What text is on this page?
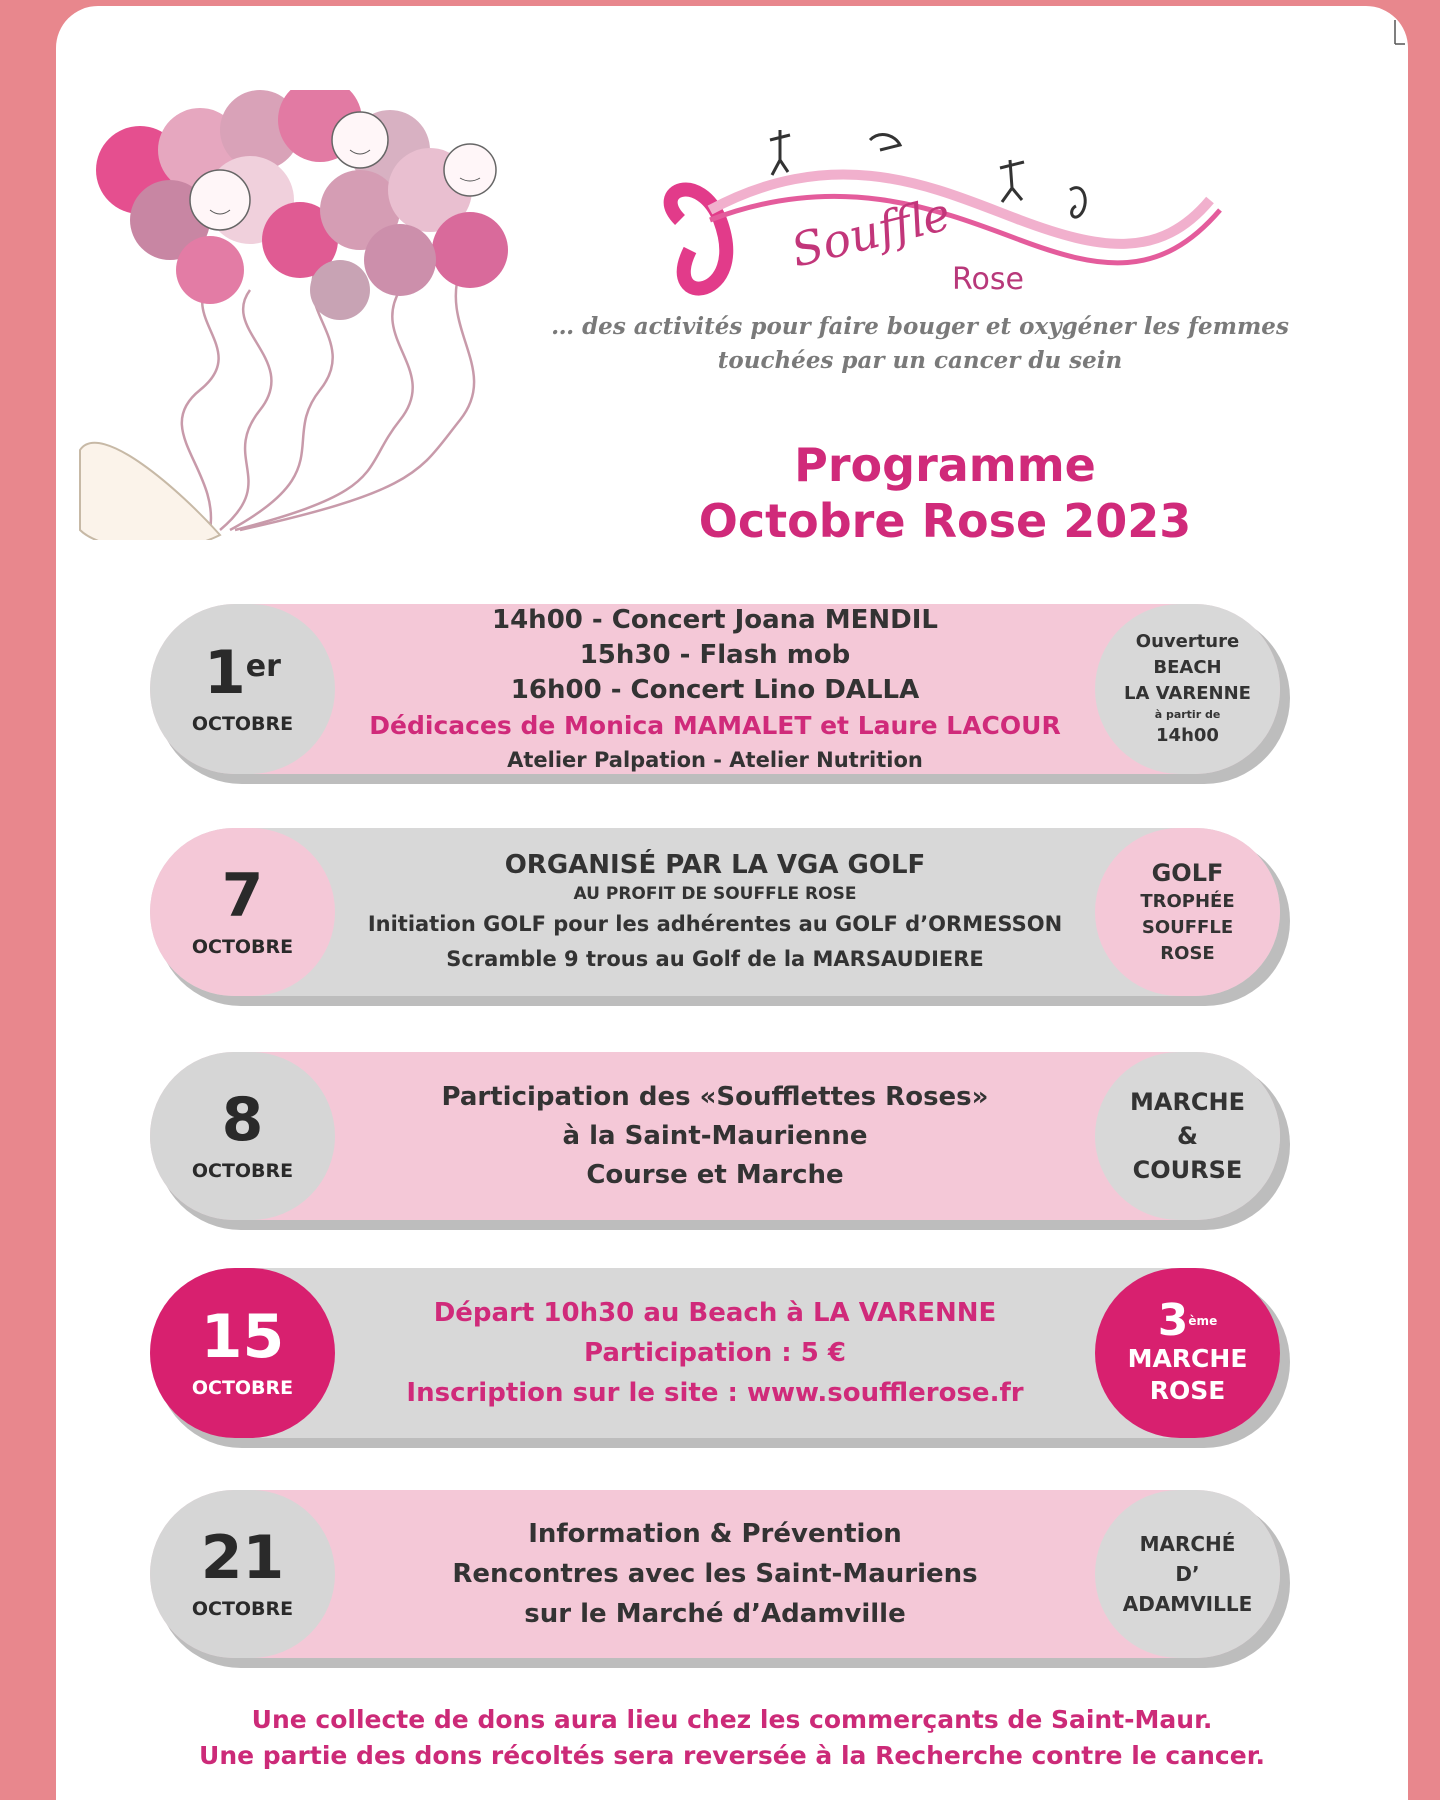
Souffle
Rose
… des activités pour faire bouger et oxygéner les femmes
touchées par un cancer du sein
Programme
Octobre Rose 2023
1er
OCTOBRE
14h00 - Concert Joana MENDIL
15h30 - Flash mob
16h00 - Concert Lino DALLA
Dédicaces de Monica MAMALET et Laure LACOUR
Atelier Palpation - Atelier Nutrition
Ouverture
BEACH
LA VARENNE
à partir de
14h00
7
OCTOBRE
ORGANISÉ PAR LA VGA GOLF
AU PROFIT DE SOUFFLE ROSE
Initiation GOLF pour les adhérentes au GOLF d’ORMESSON
Scramble 9 trous au Golf de la MARSAUDIERE
GOLF
TROPHÉE
SOUFFLE
ROSE
8
OCTOBRE
Participation des «Soufflettes Roses»
à la Saint-Maurienne
Course et Marche
MARCHE
&
COURSE
15
OCTOBRE
Départ 10h30 au Beach à LA VARENNE
Participation : 5 €
Inscription sur le site : www.soufflerose.fr
3ème
MARCHE
ROSE
21
OCTOBRE
Information & Prévention
Rencontres avec les Saint-Mauriens
sur le Marché d’Adamville
MARCHÉ
D’
ADAMVILLE
Une collecte de dons aura lieu chez les commerçants de Saint-Maur.
Une partie des dons récoltés sera reversée à la Recherche contre le cancer.
